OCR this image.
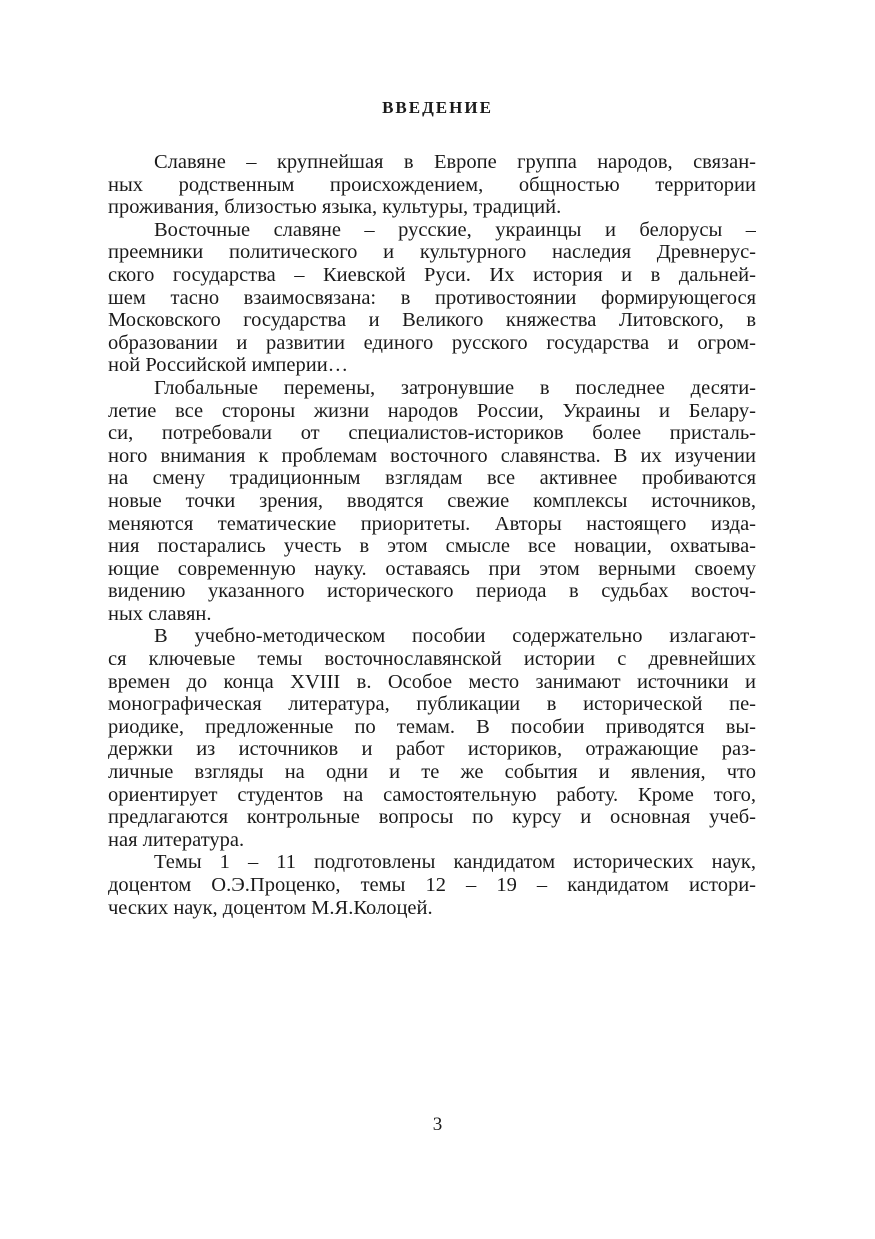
ВВЕДЕНИЕ
Славяне – крупнейшая в Европе группа народов, связан-
ных родственным происхождением, общностью территории
проживания, близостью языка, культуры, традиций.
Восточные славяне – русские, украинцы и белорусы –
преемники политического и культурного наследия Древнерус-
ского государства – Киевской Руси. Их история и в дальней-
шем тасно взаимосвязана: в противостоянии формирующегося
Московского государства и Великого княжества Литовского, в
образовании и развитии единого русского государства и огром-
ной Российской империи…
Глобальные перемены, затронувшие в последнее десяти-
летие все стороны жизни народов России, Украины и Белару-
си, потребовали от специалистов-историков более присталь-
ного внимания к проблемам восточного славянства. В их изучении
на смену традиционным взглядам все активнее пробиваются
новые точки зрения, вводятся свежие комплексы источников,
меняются тематические приоритеты. Авторы настоящего изда-
ния постарались учесть в этом смысле все новации, охватыва-
ющие современную науку. оставаясь при этом верными своему
видению указанного исторического периода в судьбах восточ-
ных славян.
В учебно-методическом пособии содержательно излагают-
ся ключевые темы восточнославянской истории с древнейших
времен до конца XVIII в. Особое место занимают источники и
монографическая литература, публикации в исторической пе-
риодике, предложенные по темам. В пособии приводятся вы-
держки из источников и работ историков, отражающие раз-
личные взгляды на одни и те же события и явления, что
ориентирует студентов на самостоятельную работу. Кроме того,
предлагаются контрольные вопросы по курсу и основная учеб-
ная литература.
Темы 1 – 11 подготовлены кандидатом исторических наук,
доцентом О.Э.Проценко, темы 12 – 19 – кандидатом истори-
ческих наук, доцентом М.Я.Колоцей.
3
